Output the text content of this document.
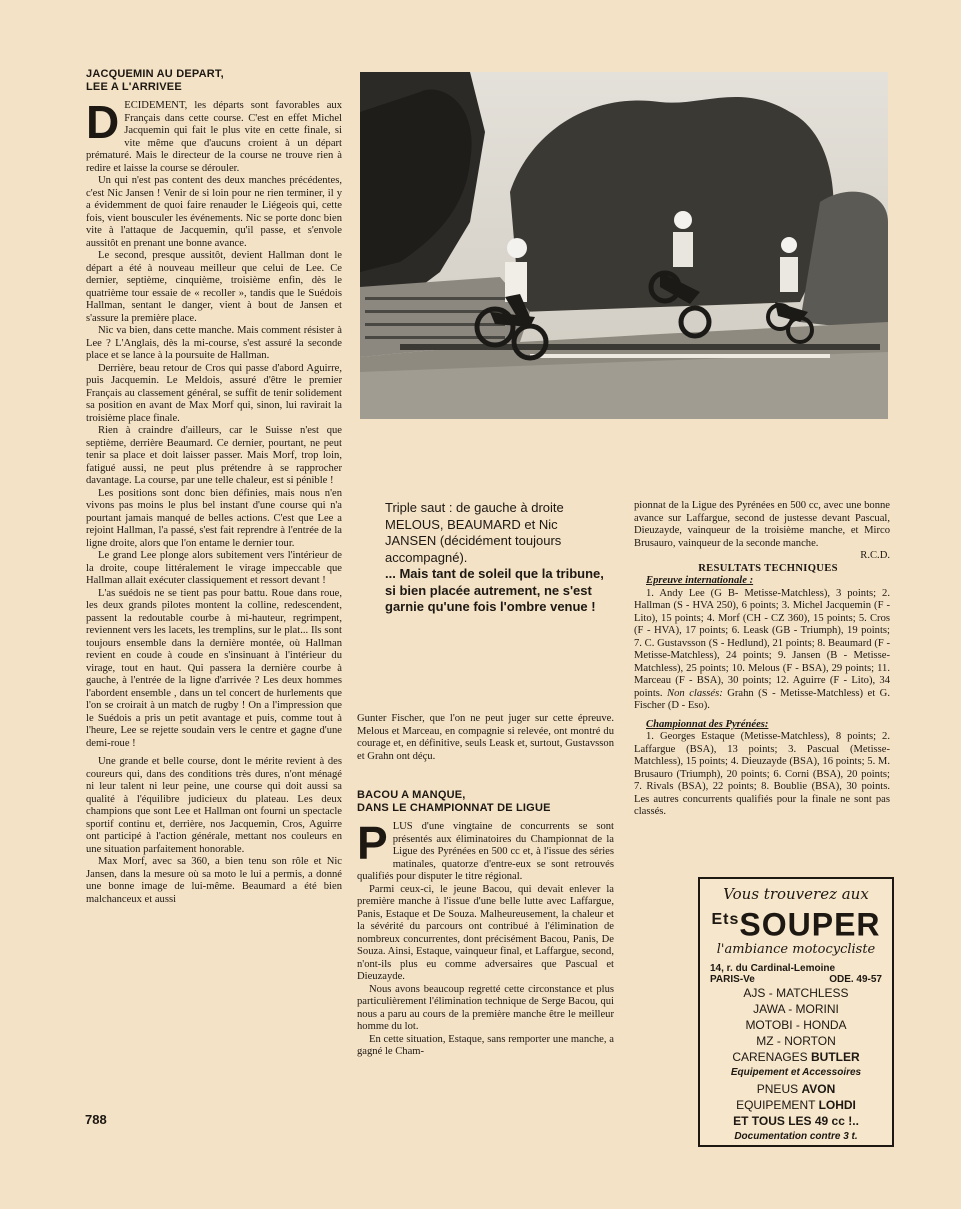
JACQUEMIN AU DEPART,
LEE A L'ARRIVEE

DECIDEMENT, les départs sont favorables aux Français dans cette course. C'est en effet Michel Jacquemin qui fait le plus vite en cette finale, si vite même que d'aucuns croient à un départ prématuré. Mais le directeur de la course ne trouve rien à redire et laisse la course se dérouler.

Un qui n'est pas content des deux manches précédentes, c'est Nic Jansen ! Venir de si loin pour ne rien terminer, il y a évidemment de quoi faire renauder le Liégeois qui, cette fois, vient bousculer les événements. Nic se porte donc bien vite à l'attaque de Jacquemin, qu'il passe, et s'envole aussitôt en prenant une bonne avance.

Le second, presque aussitôt, devient Hallman dont le départ a été à nouveau meilleur que celui de Lee. Ce dernier, septième, cinquième, troisième enfin, dès le quatrième tour essaie de « recoller », tandis que le Suédois Hallman, sentant le danger, vient à bout de Jansen et s'assure la première place.

Nic va bien, dans cette manche. Mais comment résister à Lee ? L'Anglais, dès la mi-course, s'est assuré la seconde place et se lance à la poursuite de Hallman.

Derrière, beau retour de Cros qui passe d'abord Aguirre, puis Jacquemin. Le Meldois, assuré d'être le premier Français au classement général, se suffit de tenir solidement sa position en avant de Max Morf qui, sinon, lui ravirait la troisième place finale.

Rien à craindre d'ailleurs, car le Suisse n'est que septième, derrière Beaumard. Ce dernier, pourtant, ne peut tenir sa place et doit laisser passer. Mais Morf, trop loin, fatigué aussi, ne peut plus prétendre à se rapprocher davantage. La course, par une telle chaleur, est si pénible !

Les positions sont donc bien définies, mais nous n'en vivons pas moins le plus bel instant d'une course qui n'a pourtant jamais manqué de belles actions. C'est que Lee a rejoint Hallman, l'a passé, s'est fait reprendre à l'entrée de la ligne droite, alors que l'on entame le dernier tour.

Le grand Lee plonge alors subitement vers l'intérieur de la droite, coupe littéralement le virage impeccable que Hallman allait exécuter classiquement et ressort devant !

L'as suédois ne se tient pas pour battu. Roue dans roue, les deux grands pilotes montent la colline, redescendent, passent la redoutable courbe à mi-hauteur, regrimpent, reviennent vers les lacets, les tremplins, sur le plat... Ils sont toujours ensemble dans la dernière montée, où Hallman revient en coude à coude en s'insinuant à l'intérieur du virage, tout en haut. Qui passera la dernière courbe à gauche, à l'entrée de la ligne d'arrivée ? Les deux hommes l'abordent ensemble , dans un tel concert de hurlements que l'on se croirait à un match de rugby ! On a l'impression que le Suédois a pris un petit avantage et puis, comme tout à l'heure, Lee se rejette soudain vers le centre et gagne d'une demi-roue !

Une grande et belle course, dont le mérite revient à des coureurs qui, dans des conditions très dures, n'ont ménagé ni leur talent ni leur peine, une course qui doit aussi sa qualité à l'équilibre judicieux du plateau. Les deux champions que sont Lee et Hallman ont fourni un spectacle sportif continu et, derrière, nos Jacquemin, Cros, Aguirre ont participé à l'action générale, mettant nos couleurs en une situation parfaitement honorable.

Max Morf, avec sa 360, a bien tenu son rôle et Nic Jansen, dans la mesure où sa moto le lui a permis, a donné une bonne image de lui-même. Beaumard a été bien malchanceux et aussi

Triple saut : de gauche à droite MELOUS, BEAUMARD et Nic JANSEN (décidément toujours accompagné).
... Mais tant de soleil que la tribune, si bien placée autrement, ne s'est garnie qu'une fois l'ombre venue !

Gunter Fischer, que l'on ne peut juger sur cette épreuve. Melous et Marceau, en compagnie si relevée, ont montré du courage et, en définitive, seuls Leask et, surtout, Gustavsson et Grahn ont déçu.

BACOU A MANQUE,
DANS LE CHAMPIONNAT DE LIGUE

PLUS d'une vingtaine de concurrents se sont présentés aux éliminatoires du Championnat de la Ligue des Pyrénées en 500 cc et, à l'issue des séries matinales, quatorze d'entre-eux se sont retrouvés qualifiés pour disputer le titre régional.

Parmi ceux-ci, le jeune Bacou, qui devait enlever la première manche à l'issue d'une belle lutte avec Laffargue, Panis, Estaque et De Souza. Malheureusement, la chaleur et la sévérité du parcours ont contribué à l'élimination de nombreux concurrentes, dont précisément Bacou, Panis, De Souza. Ainsi, Estaque, vainqueur final, et Laffargue, second, n'ont-ils plus eu comme adversaires que Pascual et Dieuzayde.

Nous avons beaucoup regretté cette circonstance et plus particulièrement l'élimination technique de Serge Bacou, qui nous a paru au cours de la première manche être le meilleur homme du lot.

En cette situation, Estaque, sans remporter une manche, a gagné le Cham-

pionnat de la Ligue des Pyrénées en 500 cc, avec une bonne avance sur Laffargue, second de justesse devant Pascual, Dieuzayde, vainqueur de la troisième manche, et Mirco Brusauro, vainqueur de la seconde manche.

R.C.D.

RESULTATS TECHNIQUES

Epreuve internationale :

1. Andy Lee (G B- Metisse-Matchless), 3 points; 2. Hallman (S - HVA 250), 6 points; 3. Michel Jacquemin (F - Lito), 15 points; 4. Morf (CH - CZ 360), 15 points; 5. Cros (F - HVA), 17 points; 6. Leask (GB - Triumph), 19 points; 7. C. Gustavsson (S - Hedlund), 21 points; 8. Beaumard (F - Metisse-Matchless), 24 points; 9. Jansen (B - Metisse-Matchless), 25 points; 10. Melous (F - BSA), 29 points; 11. Marceau (F - BSA), 30 points; 12. Aguirre (F - Lito), 34 points. Non classés: Grahn (S - Metisse-Matchless) et G. Fischer (D - Eso).

Championnat des Pyrénées:

1. Georges Estaque (Metisse-Matchless), 8 points; 2. Laffargue (BSA), 13 points; 3. Pascual (Metisse-Matchless), 15 points; 4. Dieuzayde (BSA), 16 points; 5. M. Brusauro (Triumph), 20 points; 6. Corni (BSA), 20 points; 7. Rivals (BSA), 22 points; 8. Boublie (BSA), 30 points. Les autres concurrents qualifiés pour la finale ne sont pas classés.

Vous trouverez aux
$^{Ets}$SOUPER
l'ambiance motocycliste
14, r. du Cardinal-Lemoine
PARIS-Ve	ODE. 49-57
AJS - MATCHLESS
JAWA - MORINI
MOTOBI - HONDA
MZ - NORTON
CARENAGES BUTLER
Equipement et Accessoires
PNEUS AVON
EQUIPEMENT LOHDI
ET TOUS LES 49 cc !..
Documentation contre 3 t.
788
